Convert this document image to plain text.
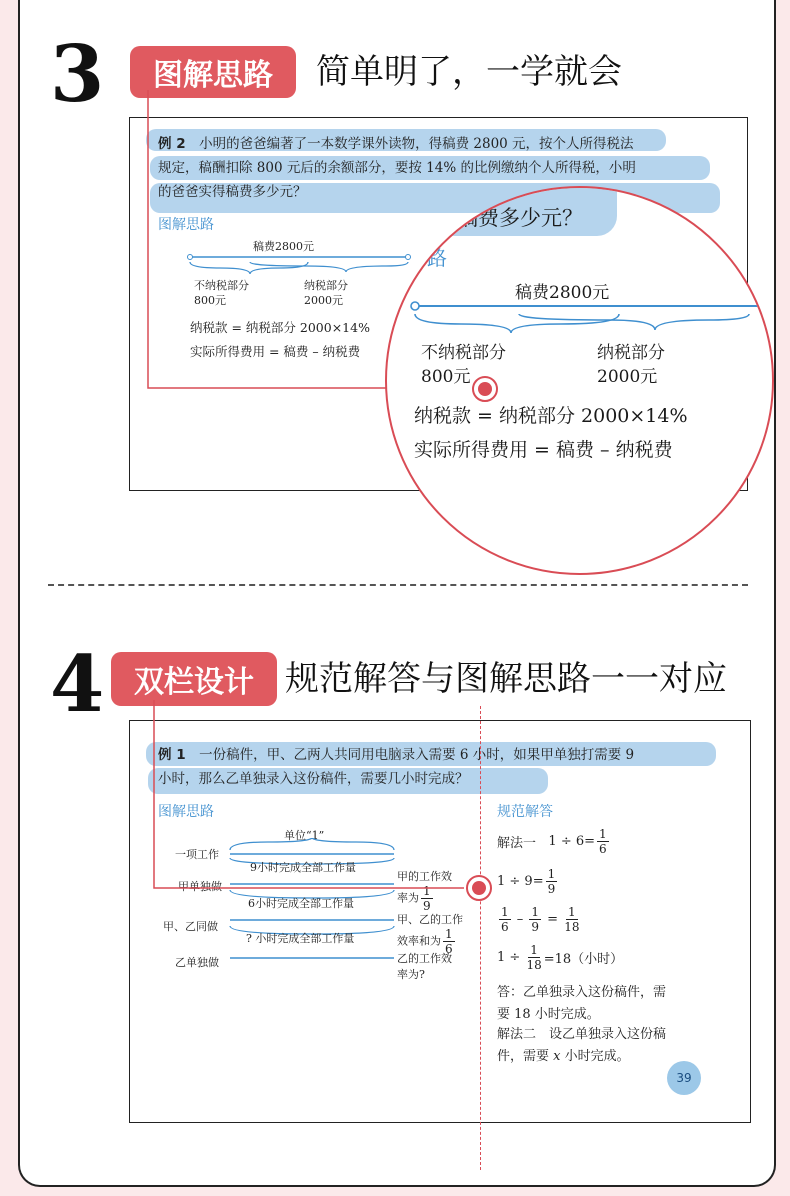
3	图解思路	简单明了，一学就会
例 2　 小明的爸爸编著了一本数学课外读物，得稿费 2800 元，按个人所得税法
规定，稿酬扣除 800 元后的余额部分，要按 14% 的比例缴纳个人所得税，小明
的爸爸实得稿费多少元？
图解思路
稿费2800元
不纳税部分
800元
纳税部分
2000元
纳税款 = 纳税部分 2000×14%
实际所得费用 = 稿费 – 纳税费
稿费多少元？
路
稿费2800元
不纳税部分
800元
纳税部分
2000元
纳税款 = 纳税部分 2000×14%
实际所得费用 = 稿费 – 纳税费
4 双栏设计 规范解答与图解思路一一对应
例 1　 一份稿件，甲、乙两人共同用电脑录入需要 6 小时，如果甲单独打需要 9
小时，那么乙单独录入这份稿件，需要几小时完成？
图解思路	规范解答
单位“1”
一项工作
9小时完成全部工作量
甲单独做
6小时完成全部工作量
甲、乙同做
? 小时完成全部工作量
乙单独做
甲的工作效
率为 $\frac{1}{9}$
甲、乙的工作
效率和为 $\frac{1}{6}$
乙的工作效
率为?
解法一
$1 \div 6= \frac{1}{6}$
$1 \div 9= \frac{1}{9}$
$\frac{1}{6} - \frac{1}{9} = \frac{1}{18}$
1 ÷
$\frac{1}{18} =18$（小时）
答：乙单独录入这份稿件，需
要 18 小时完成。
解法二　设乙单独录入这份稿
件，需要 x 小时完成。
39
